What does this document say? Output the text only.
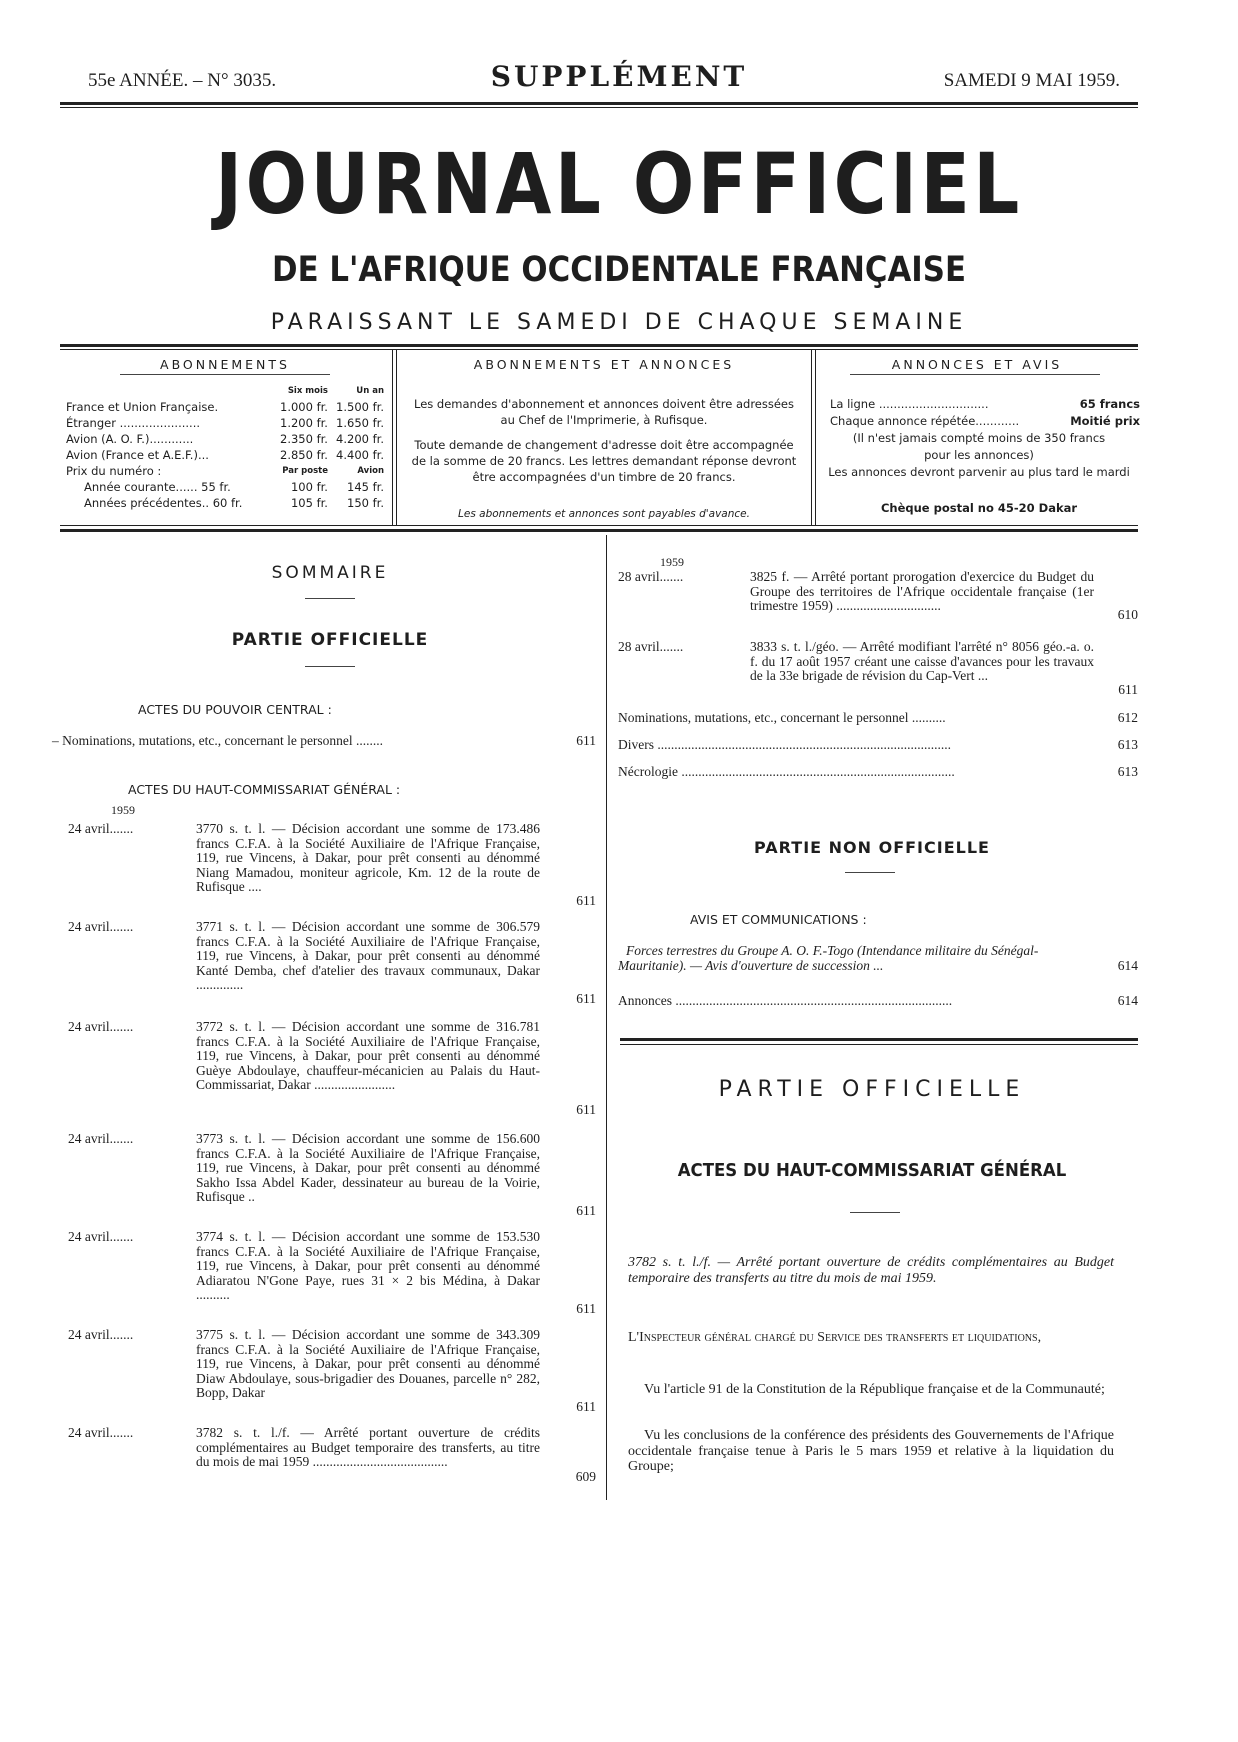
55e ANNÉE. – N° 3035.	SUPPLÉMENT	SAMEDI 9 MAI 1959.
JOURNAL OFFICIEL
DE L'AFRIQUE OCCIDENTALE FRANÇAISE
PARAISSANT LE SAMEDI DE CHAQUE SEMAINE
ABONNEMENTS
	Six mois	Un an
France et Union Française.	1.000 fr.	1.500 fr.
Étranger ......................	1.200 fr.	1.650 fr.
Avion (A. O. F.)............	2.350 fr.	4.200 fr.
Avion (France et A.E.F.)...	2.850 fr.	4.400 fr.
Prix du numéro :	Par poste	Avion
Année courante...... 55 fr.	100 fr.	145 fr.
Années précédentes.. 60 fr.	105 fr.	150 fr.
ABONNEMENTS ET ANNONCES
Les demandes d'abonnement et annonces doivent être adressées au Chef de l'Imprimerie, à Rufisque.
Toute demande de changement d'adresse doit être accompagnée de la somme de 20 francs. Les lettres demandant réponse devront être accompagnées d'un timbre de 20 francs.
Les abonnements et annonces sont payables d'avance.
ANNONCES ET AVIS
La ligne ..............................	65 francs
Chaque annonce répétée............	Moitié prix
(Il n'est jamais compté moins de 350 francs
pour les annonces)
Les annonces devront parvenir au plus tard le mardi
Chèque postal no 45-20 Dakar
SOMMAIRE
PARTIE OFFICIELLE
ACTES DU POUVOIR CENTRAL :
– Nominations, mutations, etc., concernant le personnel ........	611
ACTES DU HAUT-COMMISSARIAT GÉNÉRAL :
1959
24 avril.......	3770 s. t. l. — Décision accordant une somme de 173.486 francs C.F.A. à la Société Auxiliaire de l'Afrique Française, 119, rue Vincens, à Dakar, pour prêt consenti au dénommé Niang Mamadou, moniteur agricole, Km. 12 de la route de Rufisque ....
611
24 avril.......	3771 s. t. l. — Décision accordant une somme de 306.579 francs C.F.A. à la Société Auxiliaire de l'Afrique Française, 119, rue Vincens, à Dakar, pour prêt consenti au dénommé Kanté Demba, chef d'atelier des travaux communaux, Dakar ..............
611
24 avril.......	3772 s. t. l. — Décision accordant une somme de 316.781 francs C.F.A. à la Société Auxiliaire de l'Afrique Française, 119, rue Vincens, à Dakar, pour prêt consenti au dénommé Guèye Abdoulaye, chauffeur-mécanicien au Palais du Haut-Commissariat, Dakar ........................
611
24 avril.......	3773 s. t. l. — Décision accordant une somme de 156.600 francs C.F.A. à la Société Auxiliaire de l'Afrique Française, 119, rue Vincens, à Dakar, pour prêt consenti au dénommé Sakho Issa Abdel Kader, dessinateur au bureau de la Voirie, Rufisque ..
611
24 avril.......	3774 s. t. l. — Décision accordant une somme de 153.530 francs C.F.A. à la Société Auxiliaire de l'Afrique Française, 119, rue Vincens, à Dakar, pour prêt consenti au dénommé Adiaratou N'Gone Paye, rues 31 × 2 bis Médina, à Dakar ..........
611
24 avril.......	3775 s. t. l. — Décision accordant une somme de 343.309 francs C.F.A. à la Société Auxiliaire de l'Afrique Française, 119, rue Vincens, à Dakar, pour prêt consenti au dénommé Diaw Abdoulaye, sous-brigadier des Douanes, parcelle n° 282, Bopp, Dakar
611
24 avril.......	3782 s. t. l./f. — Arrêté portant ouverture de crédits complémentaires au Budget temporaire des transferts, au titre du mois de mai 1959 ........................................
609
1959
28 avril.......	3825 f. — Arrêté portant prorogation d'exercice du Budget du Groupe des territoires de l'Afrique occidentale française (1er trimestre 1959) ...............................
610
28 avril.......	3833 s. t. l./géo. — Arrêté modifiant l'arrêté n° 8056 géo.-a. o. f. du 17 août 1957 créant une caisse d'avances pour les travaux de la 33e brigade de révision du Cap-Vert ...
611
Nominations, mutations, etc., concernant le personnel ..........	612
Divers .......................................................................................	613
Nécrologie .................................................................................	613
PARTIE NON OFFICIELLE
AVIS ET COMMUNICATIONS :
Forces terrestres du Groupe A. O. F.-Togo (Intendance militaire du Sénégal-Mauritanie). — Avis d'ouverture de succession ...	614
Annonces ..................................................................................	614
PARTIE OFFICIELLE
ACTES DU HAUT-COMMISSARIAT GÉNÉRAL
3782 s. t. l./f. — Arrêté portant ouverture de crédits complémentaires au Budget temporaire des transferts au titre du mois de mai 1959.
L'Inspecteur général chargé du Service des transferts et liquidations,
Vu l'article 91 de la Constitution de la République française et de la Communauté;
Vu les conclusions de la conférence des présidents des Gouvernements de l'Afrique occidentale française tenue à Paris le 5 mars 1959 et relative à la liquidation du Groupe;
